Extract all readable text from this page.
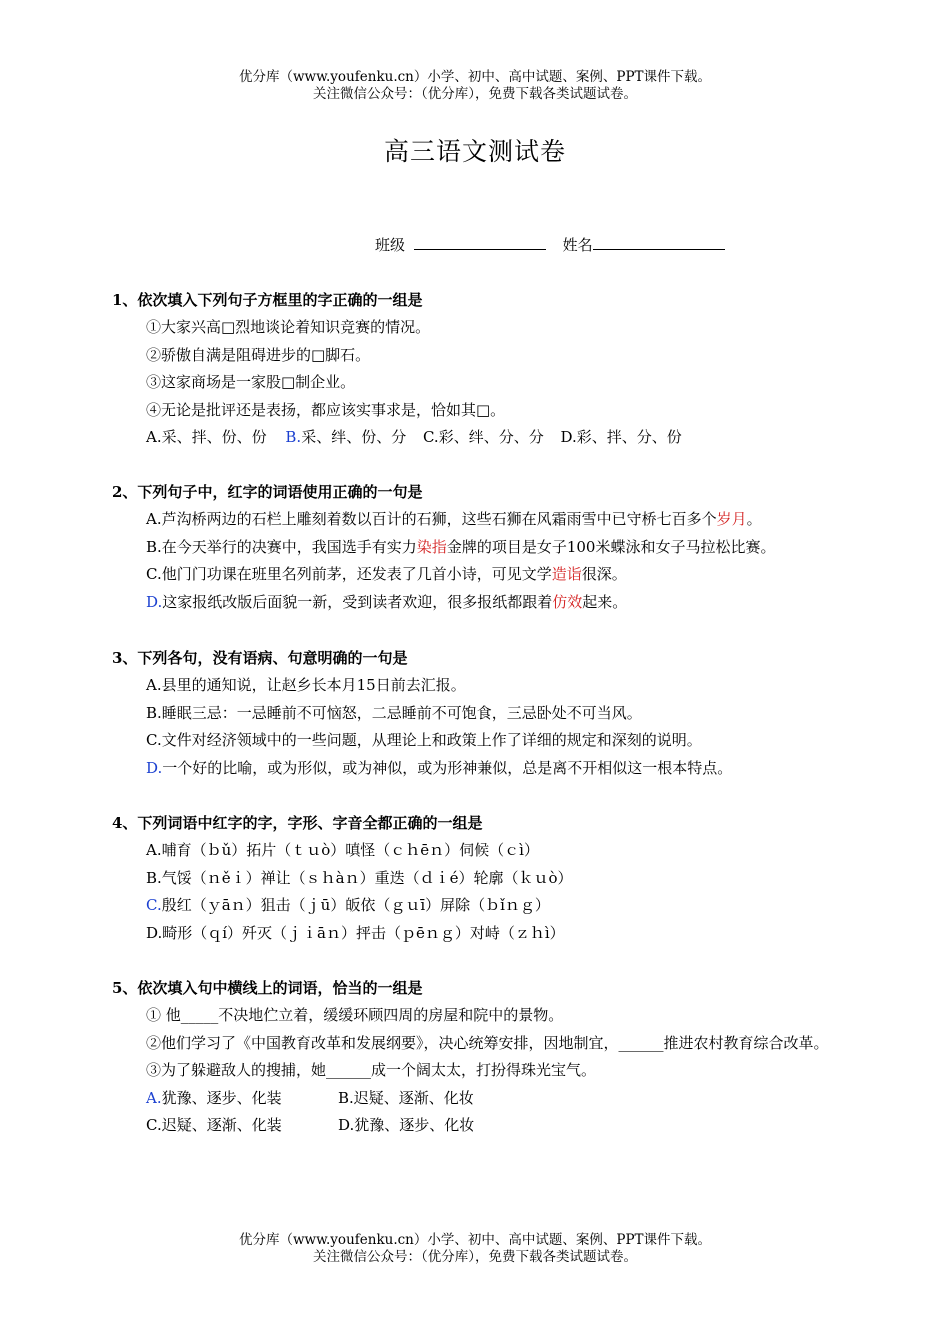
优分库（www.youfenku.cn）小学、初中、高中试题、案例、PPT课件下载。
关注微信公众号：（优分库），免费下载各类试题试卷。
高三语文测试卷
班级	姓名
1、依次填入下列句子方框里的字正确的一组是
①大家兴高□烈地谈论着知识竞赛的情况。
②骄傲自满是阻碍进步的□脚石。
③这家商场是一家股□制企业。
④无论是批评还是表扬，都应该实事求是，恰如其□。
A.采、拌、份、份 B.采、绊、份、分 C.彩、绊、分、分 D.彩、拌、分、份
2、下列句子中，红字的词语使用正确的一句是
A.芦沟桥两边的石栏上雕刻着数以百计的石狮，这些石狮在风霜雨雪中已守桥七百多个岁月。
B.在今天举行的决赛中，我国选手有实力染指金牌的项目是女子100米蝶泳和女子马拉松比赛。
C.他门门功课在班里名列前茅，还发表了几首小诗，可见文学造诣很深。
D.这家报纸改版后面貌一新，受到读者欢迎，很多报纸都跟着仿效起来。
3、下列各句，没有语病、句意明确的一句是
A.县里的通知说，让赵乡长本月15日前去汇报。
B.睡眠三忌：一忌睡前不可恼怒，二忌睡前不可饱食，三忌卧处不可当风。
C.文件对经济领域中的一些问题，从理论上和政策上作了详细的规定和深刻的说明。
D.一个好的比喻，或为形似，或为神似，或为形神兼似，总是离不开相似这一根本特点。
4、下列词语中红字的字，字形、字音全都正确的一组是
A.哺育（ｂǔ）拓片（ｔｕò）嗔怪（ｃｈēｎ）伺候（ｃì）
B.气馁（ｎěｉ）禅让（ｓｈàｎ）重迭（ｄｉé）轮廓（ｋｕò）
C.殷红（ｙāｎ）狙击（ｊū）皈依（ｇｕī）屏除（ｂǐｎｇ）
D.畸形（ｑí）歼灭（ｊｉāｎ）抨击（ｐēｎｇ）对峙（ｚｈì）
5、依次填入句中横线上的词语，恰当的一组是
① 他_____不决地伫立着，缓缓环顾四周的房屋和院中的景物。
②他们学习了《中国教育改革和发展纲要》，决心统筹安排，因地制宜，______推进农村教育综合改革。
③为了躲避敌人的搜捕，她______成一个阔太太，打扮得珠光宝气。
A.犹豫、逐步、化装	B.迟疑、逐渐、化妆
C.迟疑、逐渐、化装	D.犹豫、逐步、化妆
优分库（www.youfenku.cn）小学、初中、高中试题、案例、PPT课件下载。
关注微信公众号：（优分库），免费下载各类试题试卷。
